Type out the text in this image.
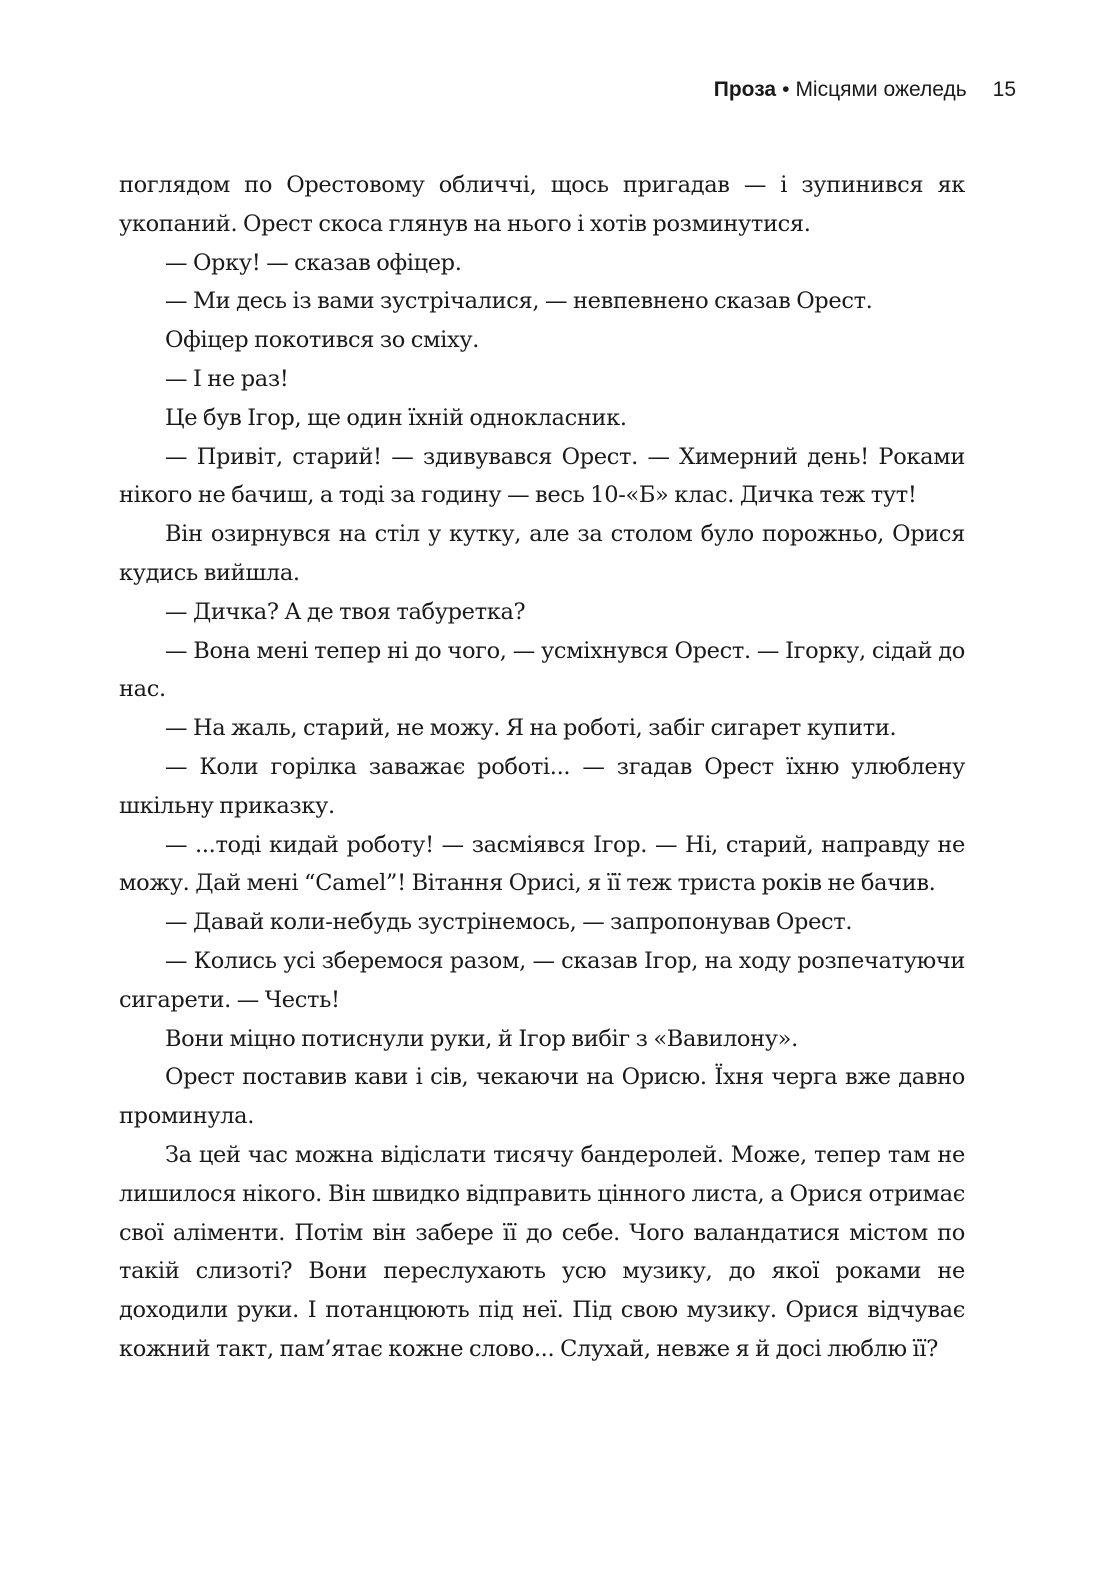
Проза • Місцями ожеледь 15

поглядом по Орестовому обличчі, щось пригадав — і зупинився як укопаний. Орест скоса глянув на нього і хотів розминутися.

— Орку! — сказав офіцер.

— Ми десь із вами зустрічалися, — невпевнено сказав Орест.

Офіцер покотився зо сміху.

— І не раз!

Це був Ігор, ще один їхній однокласник.

— Привіт, старий! — здивувався Орест. — Химерний день! Роками нікого не бачиш, а тоді за годину — весь 10-«Б» клас. Дичка теж тут!

Він озирнувся на стіл у кутку, але за столом було порожньо, Орися кудись вийшла.

— Дичка? А де твоя табуретка?

— Вона мені тепер ні до чого, — усміхнувся Орест. — Ігорку, сідай до нас.

— На жаль, старий, не можу. Я на роботі, забіг сигарет купити.

— Коли горілка заважає роботі... — згадав Орест їхню улюблену шкільну приказку.

— ...тоді кидай роботу! — засміявся Ігор. — Ні, старий, направду не можу. Дай мені “Camel”! Вітання Орисі, я її теж триста років не бачив.

— Давай коли-небудь зустрінемось, — запропонував Орест.

— Колись усі зберемося разом, — сказав Ігор, на ходу розпечатуючи сигарети. — Честь!

Вони міцно потиснули руки, й Ігор вибіг з «Вавилону».

Орест поставив кави і сів, чекаючи на Орисю. Їхня черга вже давно проминула.

За цей час можна відіслати тисячу бандеролей. Може, тепер там не лишилося нікого. Він швидко відправить цінного листа, а Орися отримає свої аліменти. Потім він забере її до себе. Чого валандатися містом по такій слизоті? Вони переслухають усю музику, до якої роками не доходили руки. І потанцюють під неї. Під свою музику. Орися відчуває кожний такт, пам’ятає кожне слово... Слухай, невже я й досі люблю її?
